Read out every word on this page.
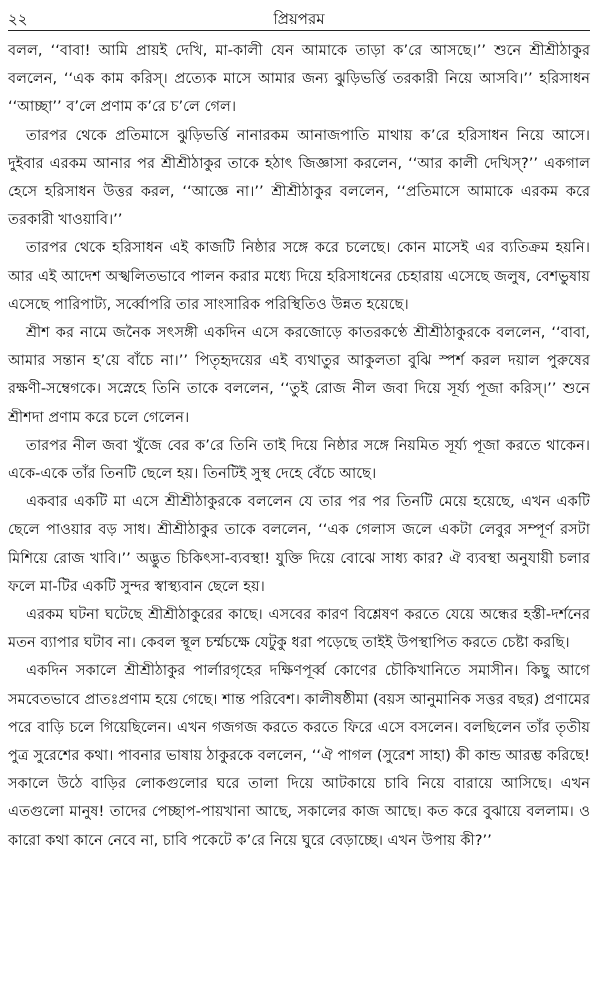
২২	প্রিয়পরম

বলল, ‘‘বাবা! আমি প্রায়ই দেখি, মা-কালী যেন আমাকে তাড়া ক’রে আসছে।’’ শুনে শ্রীশ্রীঠাকুর বললেন, ‘‘এক কাম করিস্। প্রত্যেক মাসে আমার জন্য ঝুড়িভর্ত্তি তরকারী নিয়ে আসবি।’’ হরিসাধন ‘‘আচ্ছা’’ ব’লে প্রণাম ক’রে চ’লে গেল।

তারপর থেকে প্রতিমাসে ঝুড়িভর্ত্তি নানারকম আনাজপাতি মাথায় ক’রে হরিসাধন নিয়ে আসে। দুইবার এরকম আনার পর শ্রীশ্রীঠাকুর তাকে হঠাৎ জিজ্ঞাসা করলেন, ‘‘আর কালী দেখিস্?’’ একগাল হেসে হরিসাধন উত্তর করল, ‘‘আজ্ঞে না।’’ শ্রীশ্রীঠাকুর বললেন, ‘‘প্রতিমাসে আমাকে এরকম করে তরকারী খাওয়াবি।’’

তারপর থেকে হরিসাধন এই কাজটি নিষ্ঠার সঙ্গে করে চলেছে। কোন মাসেই এর ব্যতিক্রম হয়নি। আর এই আদেশ অস্খলিতভাবে পালন করার মধ্যে দিয়ে হরিসাধনের চেহারায় এসেছে জলুষ, বেশভুষায় এসেছে পারিপাট্য, সর্ব্বোপরি তার সাংসারিক পরিস্থিতিও উন্নত হয়েছে।

শ্রীশ কর নামে জনৈক সৎসঙ্গী একদিন এসে করজোড়ে কাতরকণ্ঠে শ্রীশ্রীঠাকুরকে বললেন, ‘‘বাবা, আমার সন্তান হ’য়ে বাঁচে না।’’ পিতৃহৃদয়ের এই ব্যথাতুর আকুলতা বুঝি স্পর্শ করল দয়াল পুরুষের রক্ষণী-সম্বেগকে। সস্নেহে তিনি তাকে বললেন, ‘‘তুই রোজ নীল জবা দিয়ে সূর্য্য পূজা করিস্।’’ শুনে শ্রীশদা প্রণাম করে চলে গেলেন।

তারপর নীল জবা খুঁজে বের ক’রে তিনি তাই দিয়ে নিষ্ঠার সঙ্গে নিয়মিত সূর্য্য পূজা করতে থাকেন। একে-একে তাঁর তিনটি ছেলে হয়। তিনটিই সুস্থ দেহে বেঁচে আছে।

একবার একটি মা এসে শ্রীশ্রীঠাকুরকে বললেন যে তার পর পর তিনটি মেয়ে হয়েছে, এখন একটি ছেলে পাওয়ার বড় সাধ। শ্রীশ্রীঠাকুর তাকে বললেন, ‘‘এক গেলাস জলে একটা লেবুর সম্পূর্ণ রসটা মিশিয়ে রোজ খাবি।’’ অদ্ভুত চিকিৎসা-ব্যবস্থা! যুক্তি দিয়ে বোঝে সাধ্য কার? ঐ ব্যবস্থা অনুযায়ী চলার ফলে মা-টির একটি সুন্দর স্বাস্থ্যবান ছেলে হয়।

এরকম ঘটনা ঘটেছে শ্রীশ্রীঠাকুরের কাছে। এসবের কারণ বিশ্লেষণ করতে যেয়ে অন্ধের হস্তী-দর্শনের মতন ব্যাপার ঘটাব না। কেবল স্থূল চর্ম্মচক্ষে যেটুকু ধরা পড়েছে তাইই উপস্থাপিত করতে চেষ্টা করছি।

একদিন সকালে শ্রীশ্রীঠাকুর পার্লারগৃহের দক্ষিণপূর্ব্ব কোণের চৌকিখানিতে সমাসীন। কিছু আগে সমবেতভাবে প্রাতঃপ্রণাম হয়ে গেছে। শান্ত পরিবেশ। কালীষষ্ঠীমা (বয়স আনুমানিক সত্তর বছর) প্রণামের পরে বাড়ি চলে গিয়েছিলেন। এখন গজগজ করতে করতে ফিরে এসে বসলেন। বলছিলেন তাঁর তৃতীয় পুত্র সুরেশের কথা। পাবনার ভাষায় ঠাকুরকে বললেন, ‘‘ঐ পাগল (সুরেশ সাহা) কী কান্ড আরম্ভ করিছে! সকালে উঠে বাড়ির লোকগুলোর ঘরে তালা দিয়ে আটকায়ে চাবি নিয়ে বারায়ে আসিছে। এখন এতগুলো মানুষ! তাদের পেচ্ছাপ-পায়খানা আছে, সকালের কাজ আছে। কত করে বুঝায়ে বললাম। ও কারো কথা কানে নেবে না, চাবি পকেটে ক’রে নিয়ে ঘুরে বেড়াচ্ছে। এখন উপায় কী?’’
